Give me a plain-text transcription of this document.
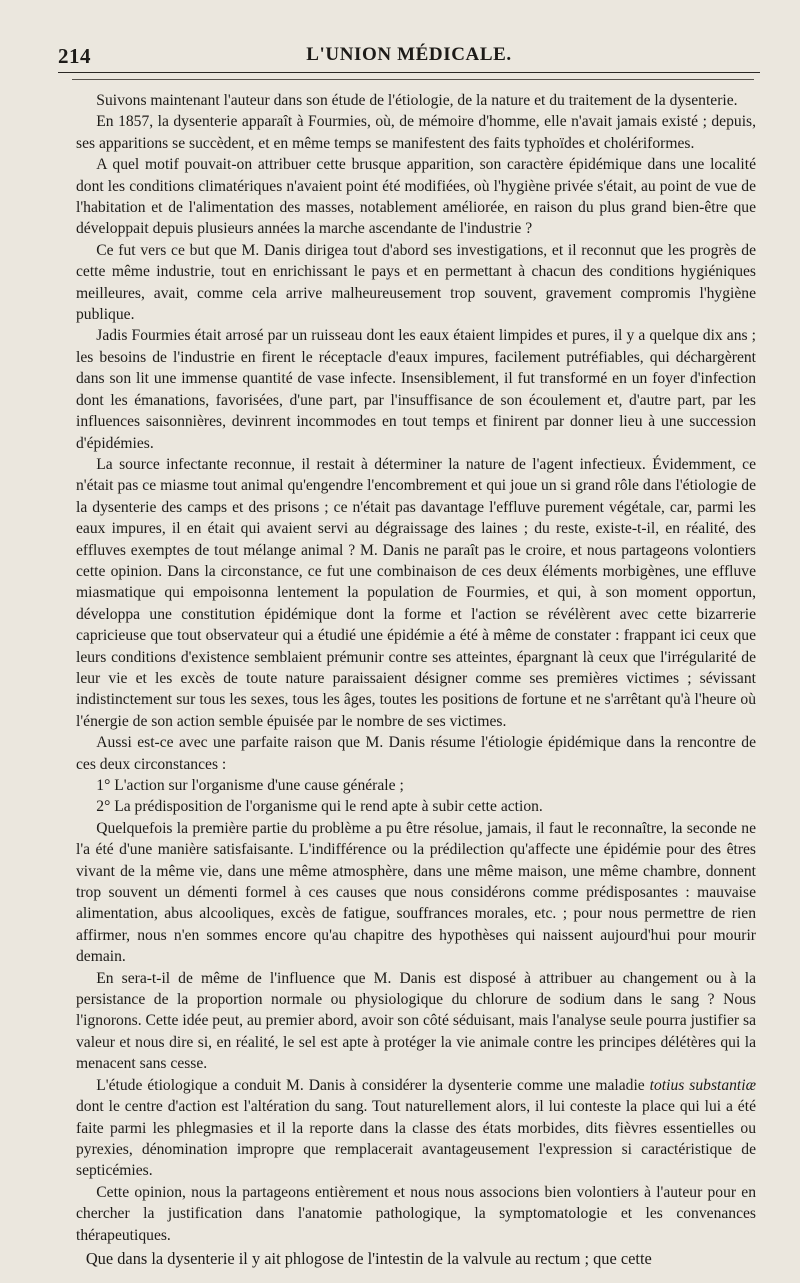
214	L'UNION MÉDICALE.

Suivons maintenant l'auteur dans son étude de l'étiologie, de la nature et du traitement de la dysenterie.

En 1857, la dysenterie apparaît à Fourmies, où, de mémoire d'homme, elle n'avait jamais existé ; depuis, ses apparitions se succèdent, et en même temps se manifestent des faits typhoïdes et cholériformes.

A quel motif pouvait-on attribuer cette brusque apparition, son caractère épidémique dans une localité dont les conditions climatériques n'avaient point été modifiées, où l'hygiène privée s'était, au point de vue de l'habitation et de l'alimentation des masses, notablement améliorée, en raison du plus grand bien-être que développait depuis plusieurs années la marche ascendante de l'industrie ?

Ce fut vers ce but que M. Danis dirigea tout d'abord ses investigations, et il reconnut que les progrès de cette même industrie, tout en enrichissant le pays et en permettant à chacun des conditions hygiéniques meilleures, avait, comme cela arrive malheureusement trop souvent, gravement compromis l'hygiène publique.

Jadis Fourmies était arrosé par un ruisseau dont les eaux étaient limpides et pures, il y a quelque dix ans ; les besoins de l'industrie en firent le réceptacle d'eaux impures, facilement putréfiables, qui déchargèrent dans son lit une immense quantité de vase infecte. Insensiblement, il fut transformé en un foyer d'infection dont les émanations, favorisées, d'une part, par l'insuffisance de son écoulement et, d'autre part, par les influences saisonnières, devinrent incommodes en tout temps et finirent par donner lieu à une succession d'épidémies.

La source infectante reconnue, il restait à déterminer la nature de l'agent infectieux. Évidemment, ce n'était pas ce miasme tout animal qu'engendre l'encombrement et qui joue un si grand rôle dans l'étiologie de la dysenterie des camps et des prisons ; ce n'était pas davantage l'effluve purement végétale, car, parmi les eaux impures, il en était qui avaient servi au dégraissage des laines ; du reste, existe-t-il, en réalité, des effluves exemptes de tout mélange animal ? M. Danis ne paraît pas le croire, et nous partageons volontiers cette opinion. Dans la circonstance, ce fut une combinaison de ces deux éléments morbigènes, une effluve miasmatique qui empoisonna lentement la population de Fourmies, et qui, à son moment opportun, développa une constitution épidémique dont la forme et l'action se révélèrent avec cette bizarrerie capricieuse que tout observateur qui a étudié une épidémie a été à même de constater : frappant ici ceux que leurs conditions d'existence semblaient prémunir contre ses atteintes, épargnant là ceux que l'irrégularité de leur vie et les excès de toute nature paraissaient désigner comme ses premières victimes ; sévissant indistinctement sur tous les sexes, tous les âges, toutes les positions de fortune et ne s'arrêtant qu'à l'heure où l'énergie de son action semble épuisée par le nombre de ses victimes.

Aussi est-ce avec une parfaite raison que M. Danis résume l'étiologie épidémique dans la rencontre de ces deux circonstances :

1° L'action sur l'organisme d'une cause générale ;

2° La prédisposition de l'organisme qui le rend apte à subir cette action.

Quelquefois la première partie du problème a pu être résolue, jamais, il faut le reconnaître, la seconde ne l'a été d'une manière satisfaisante. L'indifférence ou la prédilection qu'affecte une épidémie pour des êtres vivant de la même vie, dans une même atmosphère, dans une même maison, une même chambre, donnent trop souvent un démenti formel à ces causes que nous considérons comme prédisposantes : mauvaise alimentation, abus alcooliques, excès de fatigue, souffrances morales, etc. ; pour nous permettre de rien affirmer, nous n'en sommes encore qu'au chapitre des hypothèses qui naissent aujourd'hui pour mourir demain.

En sera-t-il de même de l'influence que M. Danis est disposé à attribuer au changement ou à la persistance de la proportion normale ou physiologique du chlorure de sodium dans le sang ? Nous l'ignorons. Cette idée peut, au premier abord, avoir son côté séduisant, mais l'analyse seule pourra justifier sa valeur et nous dire si, en réalité, le sel est apte à protéger la vie animale contre les principes délétères qui la menacent sans cesse.

L'étude étiologique a conduit M. Danis à considérer la dysenterie comme une maladie totius substantiæ dont le centre d'action est l'altération du sang. Tout naturellement alors, il lui conteste la place qui lui a été faite parmi les phlegmasies et il la reporte dans la classe des états morbides, dits fièvres essentielles ou pyrexies, dénomination impropre que remplacerait avantageusement l'expression si caractéristique de septicémies.

Cette opinion, nous la partageons entièrement et nous nous associons bien volontiers à l'auteur pour en chercher la justification dans l'anatomie pathologique, la symptomatologie et les convenances thérapeutiques.

Que dans la dysenterie il y ait phlogose de l'intestin de la valvule au rectum ; que cette
